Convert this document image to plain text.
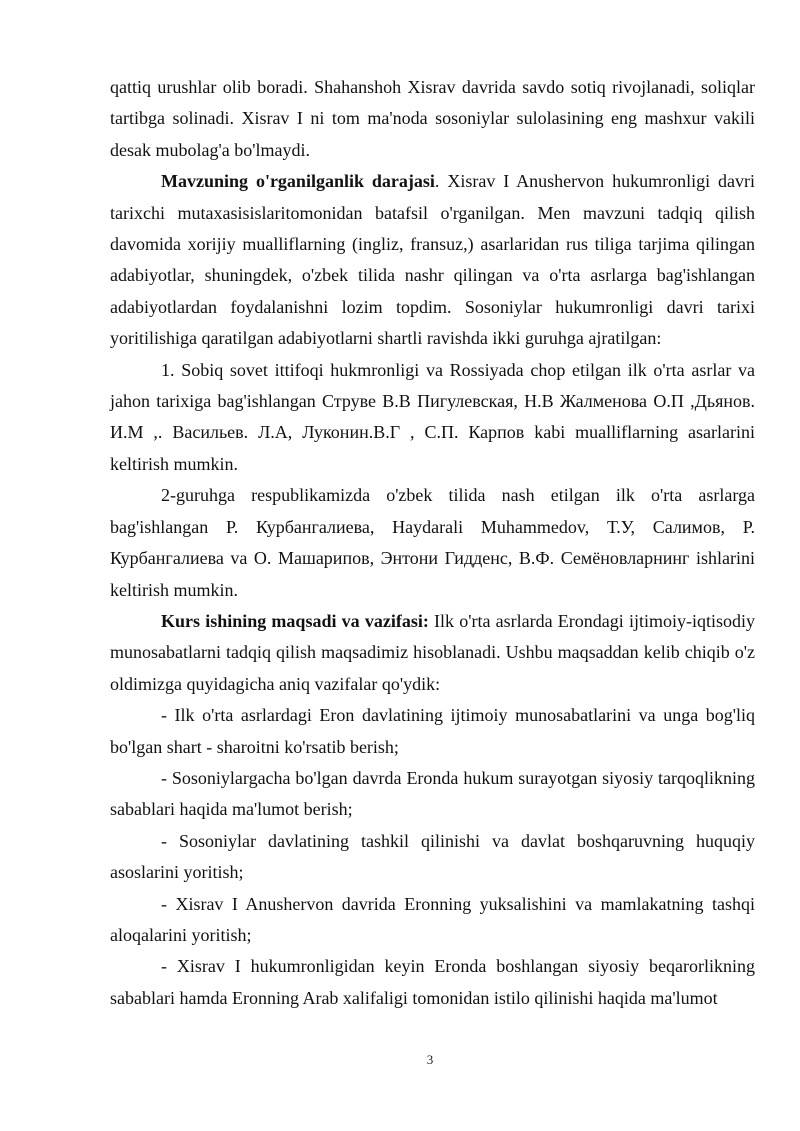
qattiq urushlar olib boradi. Shahanshoh Xisrav davrida savdo sotiq rivojlanadi, soliqlar tartibga solinadi. Xisrav I ni tom ma'noda sosoniylar sulolasining eng mashxur vakili desak mubolag'a bo'lmaydi.

Mavzuning o'rganilganlik darajasi. Xisrav I Anushervon hukumronligi davri tarixchi mutaxasisislaritomonidan batafsil o'rganilgan. Men mavzuni tadqiq qilish davomida xorijiy mualliflarning (ingliz, fransuz,) asarlaridan rus tiliga tarjima qilingan adabiyotlar, shuningdek, o'zbek tilida nashr qilingan va o'rta asrlarga bag'ishlangan adabiyotlardan foydalanishni lozim topdim. Sosoniylar hukumronligi davri tarixi yoritilishiga qaratilgan adabiyotlarni shartli ravishda ikki guruhga ajratilgan:

1. Sobiq sovet ittifoqi hukmronligi va Rossiyada chop etilgan ilk o'rta asrlar va jahon tarixiga bag'ishlangan Струве В.В Пигулевская, Н.В Жалменова О.П ,Дьянов. И.М ,. Васильев. Л.А, Луконин.В.Г , С.П. Карпов kabi mualliflarning asarlarini keltirish mumkin.

2-guruhga respublikamizda o'zbek tilida nash etilgan ilk o'rta asrlarga bag'ishlangan Р. Курбангалиева, Haydarali Muhammedov, Т.У, Салимов, Р. Курбангалиева va О. Машарипов, Энтони Гидденс, В.Ф. Семёновларнинг ishlarini keltirish mumkin.

Kurs ishining maqsadi va vazifasi: Ilk o'rta asrlarda Erondagi ijtimoiy-iqtisodiy munosabatlarni tadqiq qilish maqsadimiz hisoblanadi. Ushbu maqsaddan kelib chiqib o'z oldimizga quyidagicha aniq vazifalar qo'ydik:

- Ilk o'rta asrlardagi Eron davlatining ijtimoiy munosabatlarini va unga bog'liq bo'lgan shart - sharoitni ko'rsatib berish;

- Sosoniylargacha bo'lgan davrda Eronda hukum surayotgan siyosiy tarqoqlikning sabablari haqida ma'lumot berish;

- Sosoniylar davlatining tashkil qilinishi va davlat boshqaruvning huquqiy asoslarini yoritish;

- Xisrav I Anushervon davrida Eronning yuksalishini va mamlakatning tashqi aloqalarini yoritish;

- Xisrav I hukumronligidan keyin Eronda boshlangan siyosiy beqarorlikning sabablari hamda Eronning Arab xalifaligi tomonidan istilo qilinishi haqida ma'lumot

3
